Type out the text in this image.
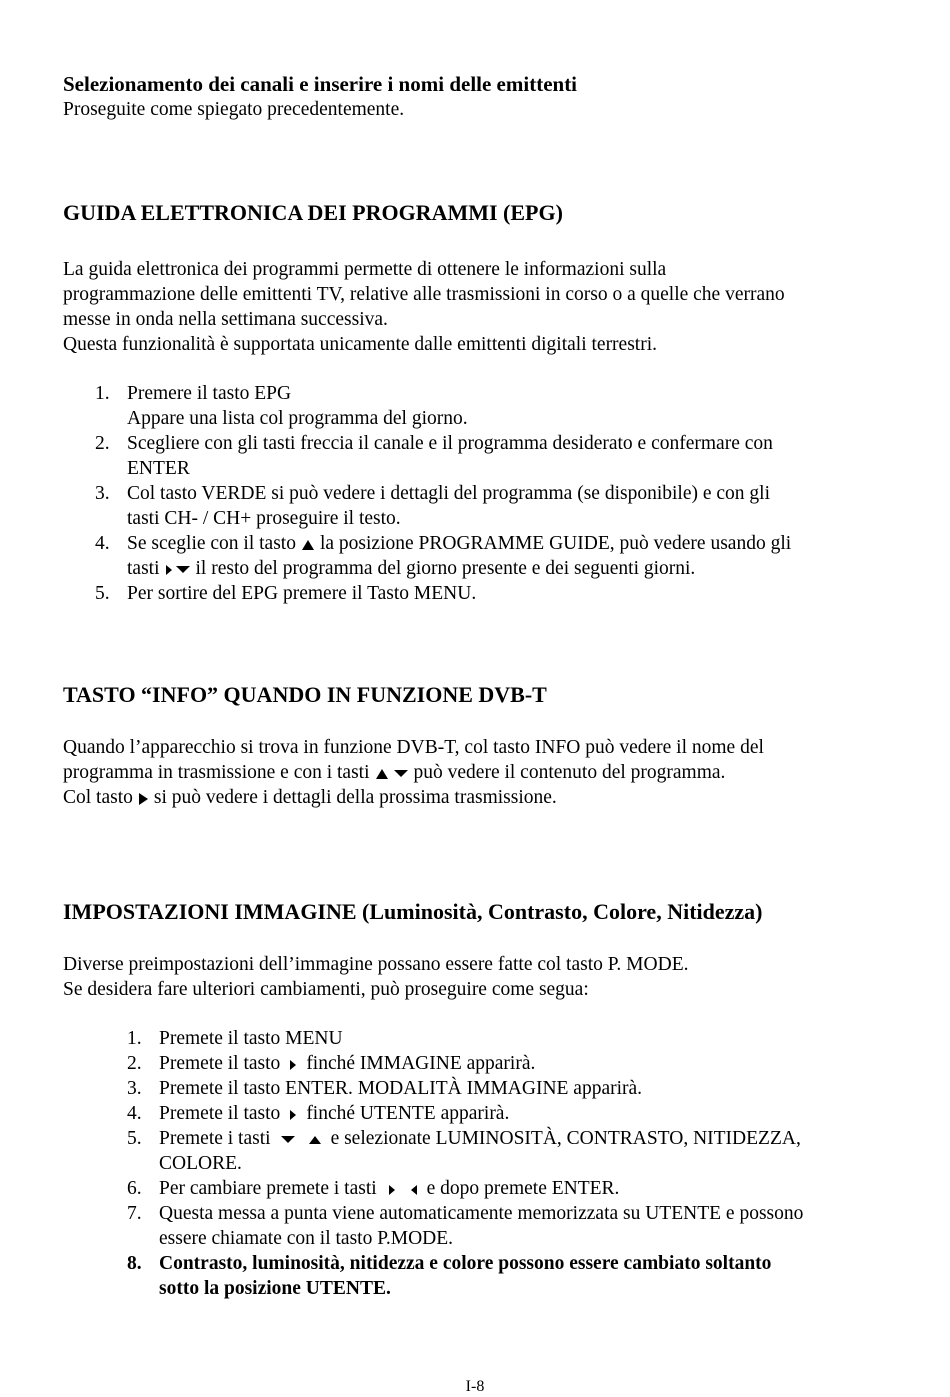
Selezionamento dei canali e inserire i nomi delle emittenti

Proseguite come spiegato precedentemente.

GUIDA ELETTRONICA DEI PROGRAMMI (EPG)

La guida elettronica dei programmi permette di ottenere le informazioni sulla

programmazione delle emittenti TV, relative alle trasmissioni in corso o a quelle che verrano

messe in onda nella settimana successiva.

Questa funzionalità è supportata unicamente dalle emittenti digitali terrestri.

1. Premere il tasto EPG

Appare una lista col programma del giorno.

2. Scegliere con gli tasti freccia il canale e il programma desiderato e confermare con

ENTER

3. Col tasto VERDE si può vedere i dettagli del programma (se disponibile) e con gli

tasti CH- / CH+ proseguire il testo.

4. Se sceglie con il tasto la posizione PROGRAMME GUIDE, può vedere usando gli

tasti il resto del programma del giorno presente e dei seguenti giorni.

5. Per sortire del EPG premere il Tasto MENU.

TASTO “INFO” QUANDO IN FUNZIONE DVB-T

Quando l’apparecchio si trova in funzione DVB-T, col tasto INFO può vedere il nome del

programma in trasmissione e con i tasti può vedere il contenuto del programma.

Col tasto si può vedere i dettagli della prossima trasmissione.

IMPOSTAZIONI IMMAGINE (Luminosità, Contrasto, Colore, Nitidezza)

Diverse preimpostazioni dell’immagine possano essere fatte col tasto P. MODE.

Se desidera fare ulteriori cambiamenti, può proseguire come segua:

1. Premete il tasto MENU

2. Premete il tasto finché IMMAGINE apparirà.

3. Premete il tasto ENTER. MODALITÀ IMMAGINE apparirà.

4. Premete il tasto finché UTENTE apparirà.

5. Premete i tasti	e selezionate LUMINOSITÀ, CONTRASTO, NITIDEZZA,

COLORE.

6. Per cambiare premete i tasti	e dopo premete ENTER.

7. Questa messa a punta viene automaticamente memorizzata su UTENTE e possono

essere chiamate con il tasto P.MODE.

8. Contrasto, luminosità, nitidezza e colore possono essere cambiato soltanto

sotto la posizione UTENTE.

I-8
